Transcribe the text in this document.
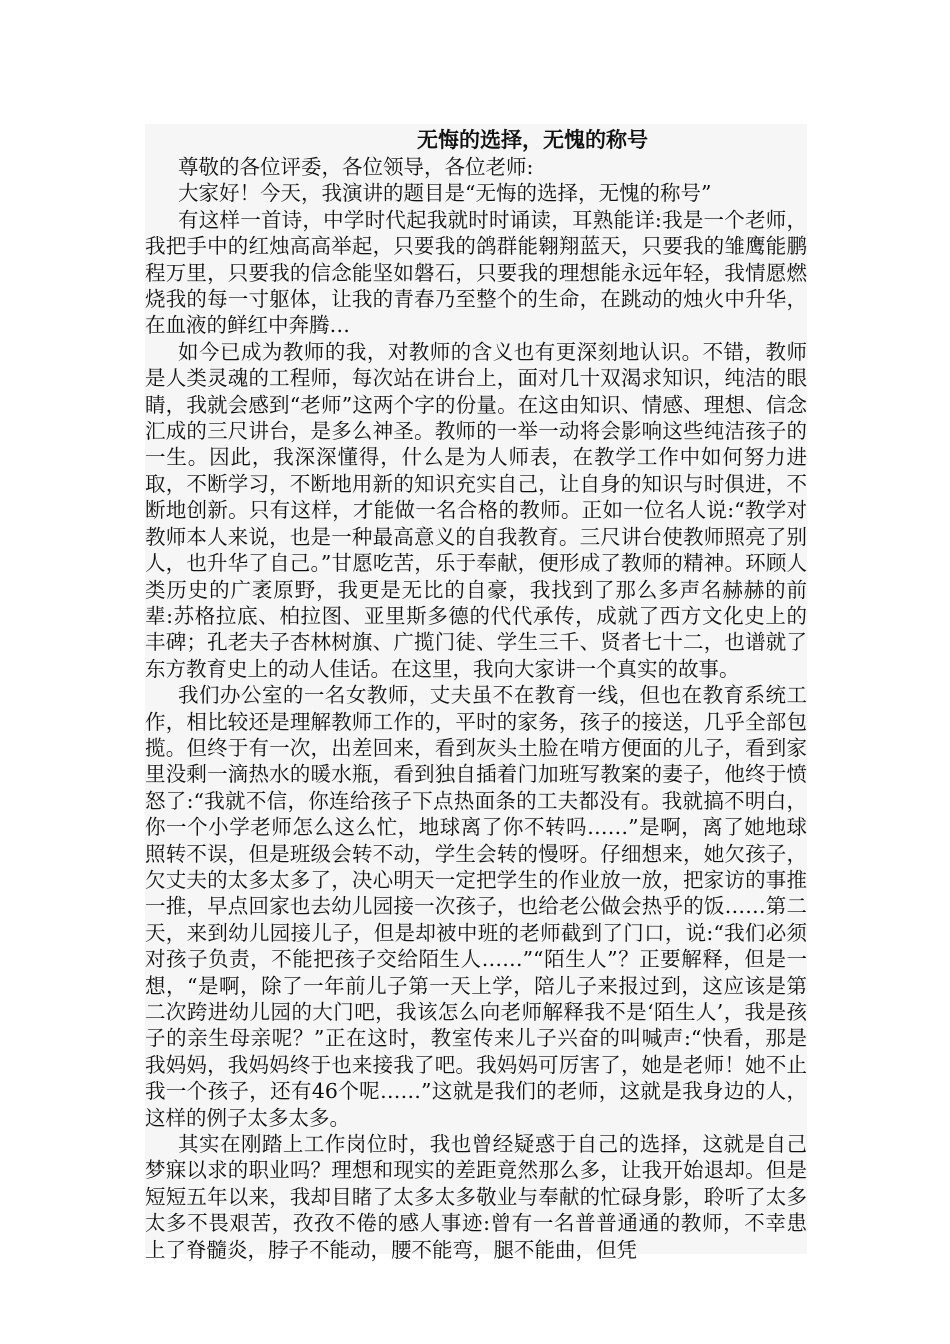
无悔的选择，无愧的称号

尊敬的各位评委，各位领导，各位老师:

大家好！今天，我演讲的题目是“无悔的选择，无愧的称号”

有这样一首诗，中学时代起我就时时诵读，耳熟能详:我是一个老师，我把手中的红烛高高举起，只要我的鸽群能翱翔蓝天，只要我的雏鹰能鹏程万里，只要我的信念能坚如磐石，只要我的理想能永远年轻，我情愿燃烧我的每一寸躯体，让我的青春乃至整个的生命，在跳动的烛火中升华，在血液的鲜红中奔腾…

如今已成为教师的我，对教师的含义也有更深刻地认识。不错，教师是人类灵魂的工程师，每次站在讲台上，面对几十双渴求知识，纯洁的眼睛，我就会感到“老师”这两个字的份量。在这由知识、情感、理想、信念汇成的三尺讲台，是多么神圣。教师的一举一动将会影响这些纯洁孩子的一生。因此，我深深懂得，什么是为人师表，在教学工作中如何努力进取，不断学习，不断地用新的知识充实自己，让自身的知识与时俱进，不断地创新。只有这样，才能做一名合格的教师。正如一位名人说:“教学对教师本人来说，也是一种最高意义的自我教育。三尺讲台使教师照亮了别人，也升华了自己。”甘愿吃苦，乐于奉献，便形成了教师的精神。环顾人类历史的广袤原野，我更是无比的自豪，我找到了那么多声名赫赫的前辈:苏格拉底、柏拉图、亚里斯多德的代代承传，成就了西方文化史上的丰碑；孔老夫子杏林树旗、广揽门徒、学生三千、贤者七十二，也谱就了东方教育史上的动人佳话。在这里，我向大家讲一个真实的故事。

我们办公室的一名女教师，丈夫虽不在教育一线，但也在教育系统工作，相比较还是理解教师工作的，平时的家务，孩子的接送，几乎全部包揽。但终于有一次，出差回来，看到灰头土脸在啃方便面的儿子，看到家里没剩一滴热水的暖水瓶，看到独自插着门加班写教案的妻子，他终于愤怒了:“我就不信，你连给孩子下点热面条的工夫都没有。我就搞不明白，你一个小学老师怎么这么忙，地球离了你不转吗……”是啊，离了她地球照转不误，但是班级会转不动，学生会转的慢呀。仔细想来，她欠孩子，欠丈夫的太多太多了，决心明天一定把学生的作业放一放，把家访的事推一推，早点回家也去幼儿园接一次孩子，也给老公做会热乎的饭……第二天，来到幼儿园接儿子，但是却被中班的老师截到了门口，说:“我们必须对孩子负责，不能把孩子交给陌生人……”“陌生人”？正要解释，但是一想，“是啊，除了一年前儿子第一天上学，陪儿子来报过到，这应该是第二次跨进幼儿园的大门吧，我该怎么向老师解释我不是‘陌生人’，我是孩子的亲生母亲呢？”正在这时，教室传来儿子兴奋的叫喊声:“快看，那是我妈妈，我妈妈终于也来接我了吧。我妈妈可厉害了，她是老师！她不止我一个孩子，还有46个呢……”这就是我们的老师，这就是我身边的人，这样的例子太多太多。

其实在刚踏上工作岗位时，我也曾经疑惑于自己的选择，这就是自己梦寐以求的职业吗？理想和现实的差距竟然那么多，让我开始退却。但是短短五年以来，我却目睹了太多太多敬业与奉献的忙碌身影，聆听了太多太多不畏艰苦，孜孜不倦的感人事迹:曾有一名普普通通的教师，不幸患上了脊髓炎，脖子不能动，腰不能弯，腿不能曲，但凭
